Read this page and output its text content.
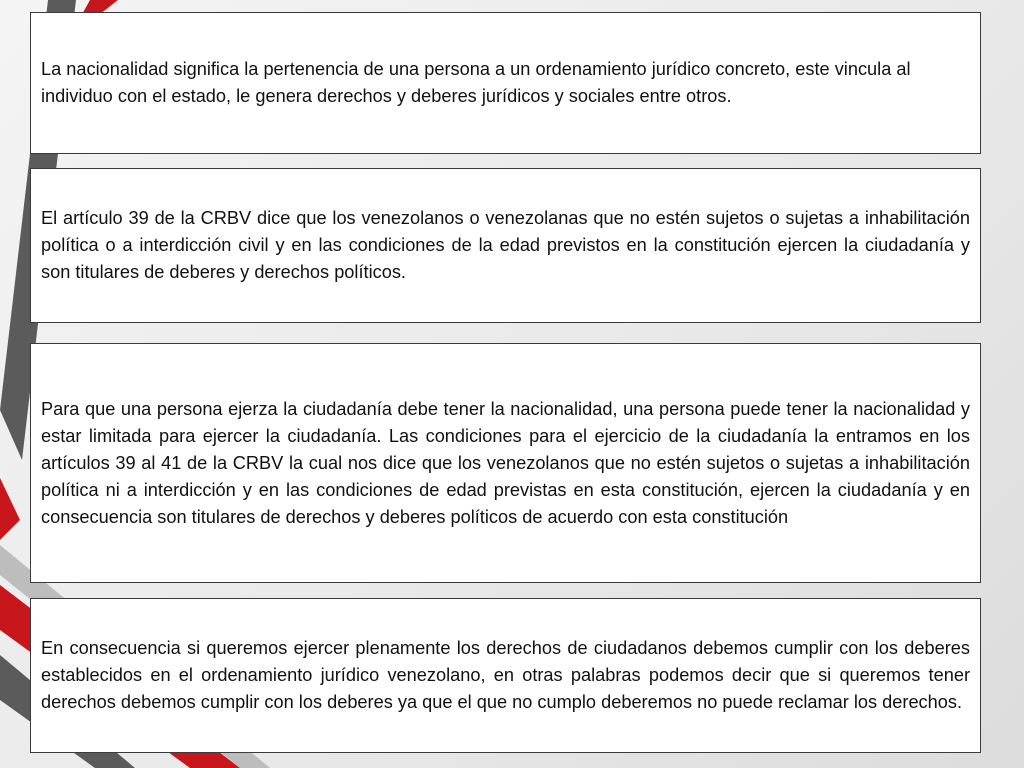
La nacionalidad significa la pertenencia de una persona a un ordenamiento jurídico concreto, este vincula al individuo con el estado, le genera derechos y deberes jurídicos y sociales entre otros.

El artículo 39 de la CRBV dice que los venezolanos o venezolanas que no estén sujetos o sujetas a inhabilitación política o a interdicción civil y en las condiciones de la edad previstos en la constitución ejercen la ciudadanía y son titulares de deberes y derechos políticos.

Para que una persona ejerza la ciudadanía debe tener la nacionalidad, una persona puede tener la nacionalidad y estar limitada para ejercer la ciudadanía. Las condiciones para el ejercicio de la ciudadanía la entramos en los artículos 39 al 41 de la CRBV la cual nos dice que los venezolanos que no estén sujetos o sujetas a inhabilitación política ni a interdicción y en las condiciones de edad previstas en esta constitución, ejercen la ciudadanía y en consecuencia son titulares de derechos y deberes políticos de acuerdo con esta constitución

En consecuencia si queremos ejercer plenamente los derechos de ciudadanos debemos cumplir con los deberes establecidos en el ordenamiento jurídico venezolano, en otras palabras podemos decir que si queremos tener derechos debemos cumplir con los deberes ya que el que no cumplo deberemos no puede reclamar los derechos.
